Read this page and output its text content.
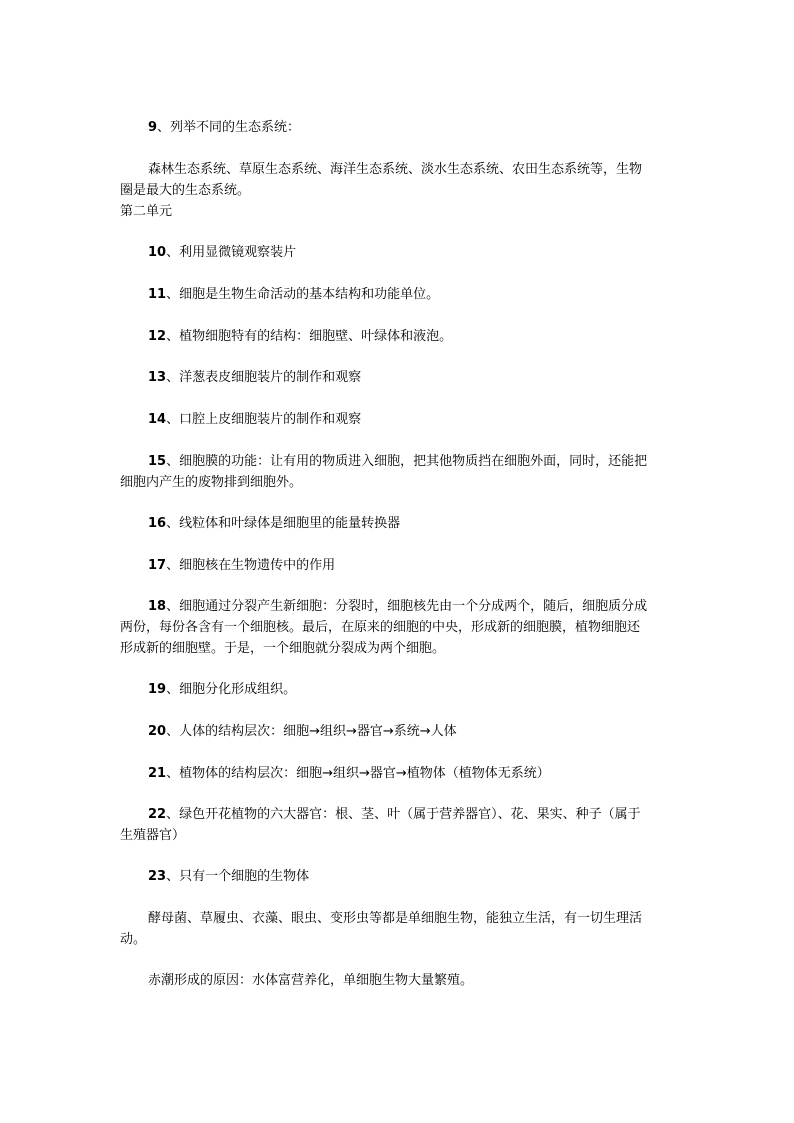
9、列举不同的生态系统：
森林生态系统、草原生态系统、海洋生态系统、淡水生态系统、农田生态系统等，生物
圈是最大的生态系统。
第二单元
10、利用显微镜观察装片
11、细胞是生物生命活动的基本结构和功能单位。
12、植物细胞特有的结构：细胞壁、叶绿体和液泡。
13、洋葱表皮细胞装片的制作和观察
14、口腔上皮细胞装片的制作和观察
15、细胞膜的功能：让有用的物质进入细胞，把其他物质挡在细胞外面，同时，还能把
细胞内产生的废物排到细胞外。
16、线粒体和叶绿体是细胞里的能量转换器
17、细胞核在生物遗传中的作用
18、细胞通过分裂产生新细胞：分裂时，细胞核先由一个分成两个，随后，细胞质分成
两份，每份各含有一个细胞核。最后，在原来的细胞的中央，形成新的细胞膜，植物细胞还
形成新的细胞壁。于是，一个细胞就分裂成为两个细胞。
19、细胞分化形成组织。
20、人体的结构层次：细胞→组织→器官→系统→人体
21、植物体的结构层次：细胞→组织→器官→植物体（植物体无系统）
22、绿色开花植物的六大器官：根、茎、叶（属于营养器官）、花、果实、种子（属于
生殖器官）
23、只有一个细胞的生物体
酵母菌、草履虫、衣藻、眼虫、变形虫等都是单细胞生物，能独立生活，有一切生理活
动。
赤潮形成的原因：水体富营养化，单细胞生物大量繁殖。
